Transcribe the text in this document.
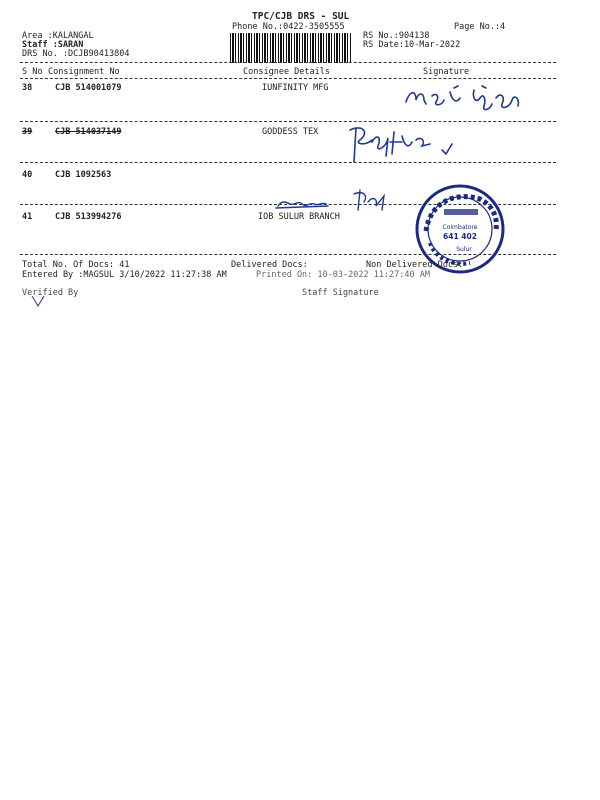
TPC/CJB DRS - SUL
Phone No.:0422-3505555	Page No.:4
Area :KALANGAL
Staff :SARAN
DRS No. :DCJB90413804
RS No.:904138
RS Date:10-Mar-2022
S No Consignment No	Consignee Details	Signature
38	CJB 514001079	IUNFINITY MFG
39	CJB 514037149	GODDESS TEX
40	CJB 1092563
41	CJB 513994276	IOB SULUR BRANCH
Coimbatore
641 402
Sulur
Total No. Of Docs: 41	Delivered Docs:	Non Delivered Docs:
Entered By :MAGSUL 3/10/2022 11:27:38 AM	Printed On: 10-03-2022 11:27:40 AM
Verified By	Staff Signature
